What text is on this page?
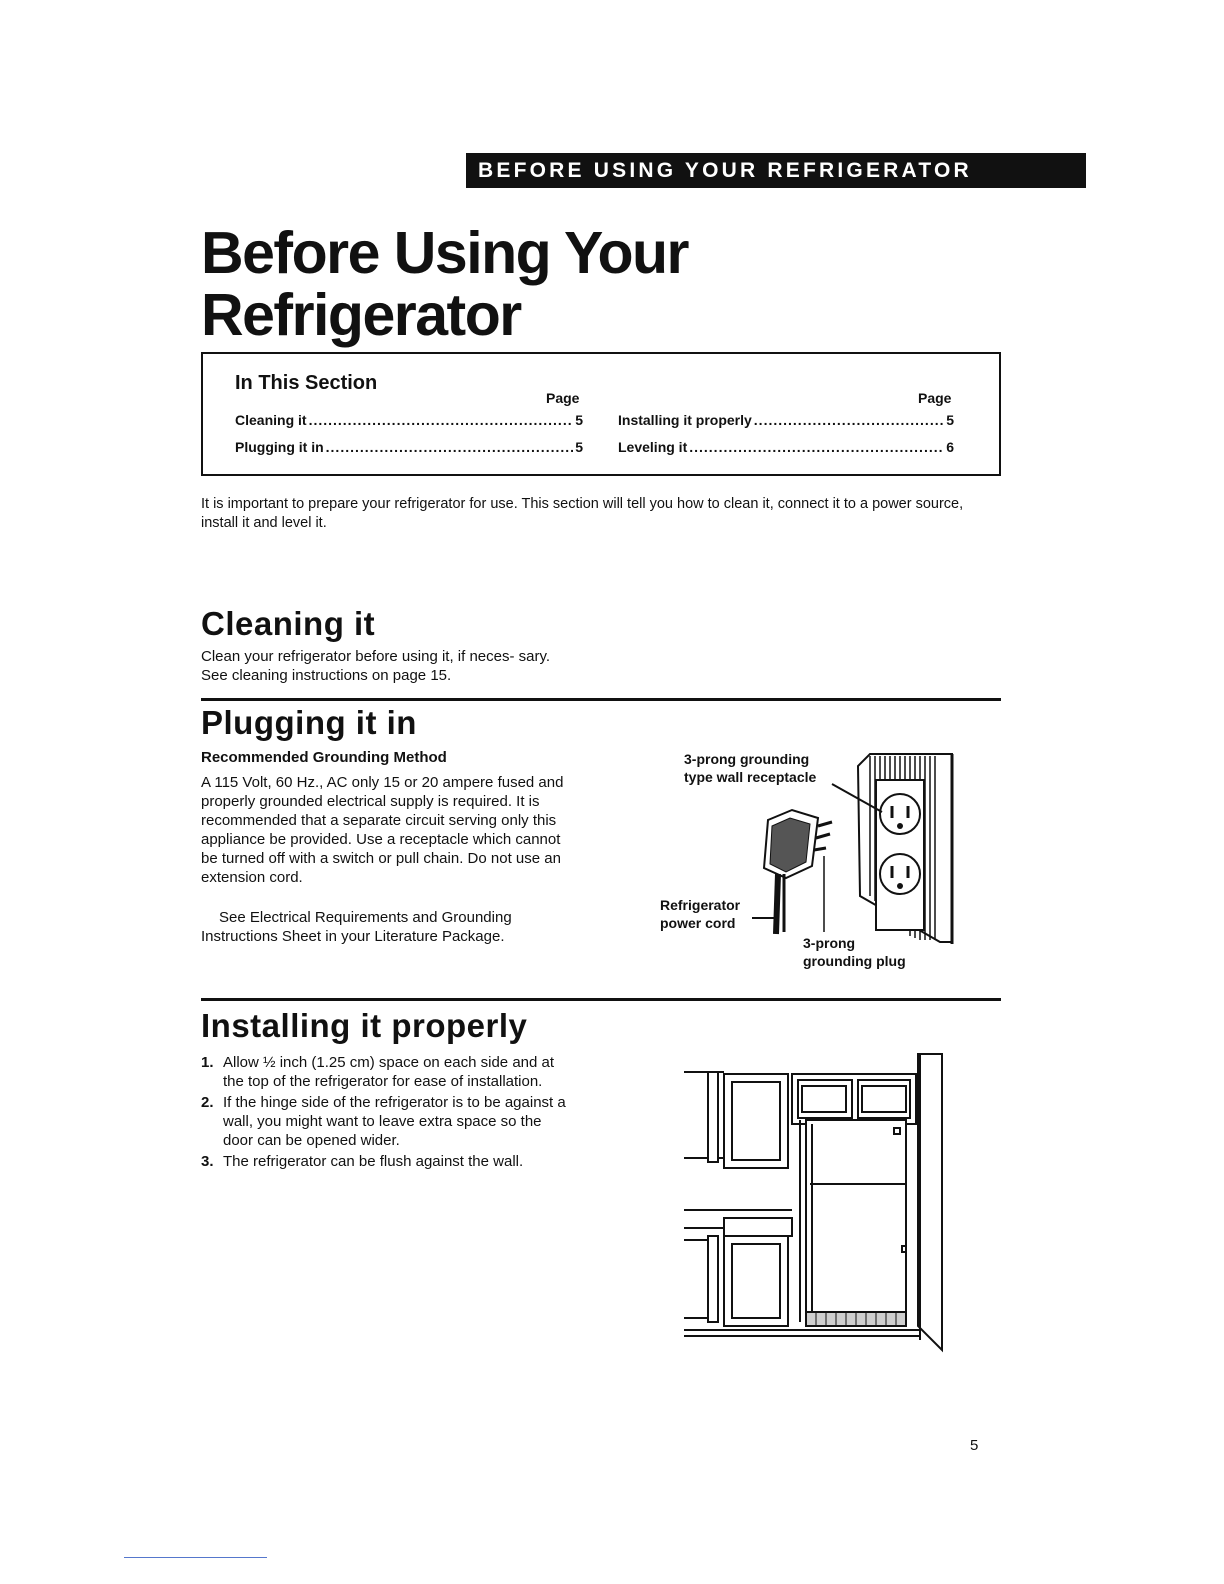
BEFORE USING YOUR REFRIGERATOR
Before Using Your
Refrigerator
In This Section
Page	Page
Cleaning it .....	5
Plugging it in .....	5
Installing it properly .....	5
Leveling it .....	6
It is important to prepare your refrigerator for use. This section will tell you how to clean it, connect it to a power source, install it and level it.
Cleaning it
Clean your refrigerator before using it, if neces- sary. See cleaning instructions on page 15.
Plugging it in
Recommended Grounding Method
A 115 Volt, 60 Hz., AC only 15 or 20 ampere fused and properly grounded electrical supply is required. It is recommended that a separate circuit serving only this appliance be provided. Use a receptacle which cannot be turned off with a switch or pull chain. Do not use an extension cord.
See Electrical Requirements and Grounding Instructions Sheet in your Literature Package.
3-prong grounding
type wall receptacle
Refrigerator
power cord
3-prong
grounding plug
Installing it properly
1. Allow ½ inch (1.25 cm) space on each side and at the top of the refrigerator for ease of installation.
2. If the hinge side of the refrigerator is to be against a wall, you might want to leave extra space so the door can be opened wider.
3. The refrigerator can be flush against the wall.
5
